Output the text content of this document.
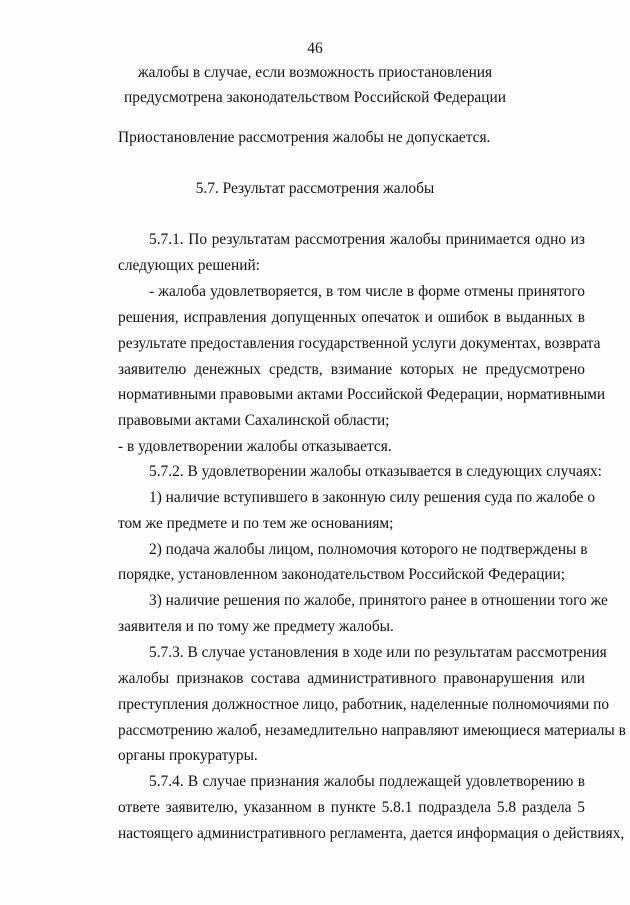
46
жалобы в случае, если возможность приостановления
предусмотрена законодательством Российской Федерации
Приостановление рассмотрения жалобы не допускается.
5.7. Результат рассмотрения жалобы
5.7.1. По результатам рассмотрения жалобы принимается одно из
следующих решений:
- жалоба удовлетворяется, в том числе в форме отмены принятого
решения, исправления допущенных опечаток и ошибок в выданных в
результате предоставления государственной услуги документах, возврата
заявителю денежных средств, взимание которых не предусмотрено
нормативными правовыми актами Российской Федерации, нормативными
правовыми актами Сахалинской области;
- в удовлетворении жалобы отказывается.
5.7.2. В удовлетворении жалобы отказывается в следующих случаях:
1) наличие вступившего в законную силу решения суда по жалобе о
том же предмете и по тем же основаниям;
2) подача жалобы лицом, полномочия которого не подтверждены в
порядке, установленном законодательством Российской Федерации;
3) наличие решения по жалобе, принятого ранее в отношении того же
заявителя и по тому же предмету жалобы.
5.7.3. В случае установления в ходе или по результатам рассмотрения
жалобы признаков состава административного правонарушения или
преступления должностное лицо, работник, наделенные полномочиями по
рассмотрению жалоб, незамедлительно направляют имеющиеся материалы в
органы прокуратуры.
5.7.4. В случае признания жалобы подлежащей удовлетворению в
ответе заявителю, указанном в пункте 5.8.1 подраздела 5.8 раздела 5
настоящего административного регламента, дается информация о действиях,
